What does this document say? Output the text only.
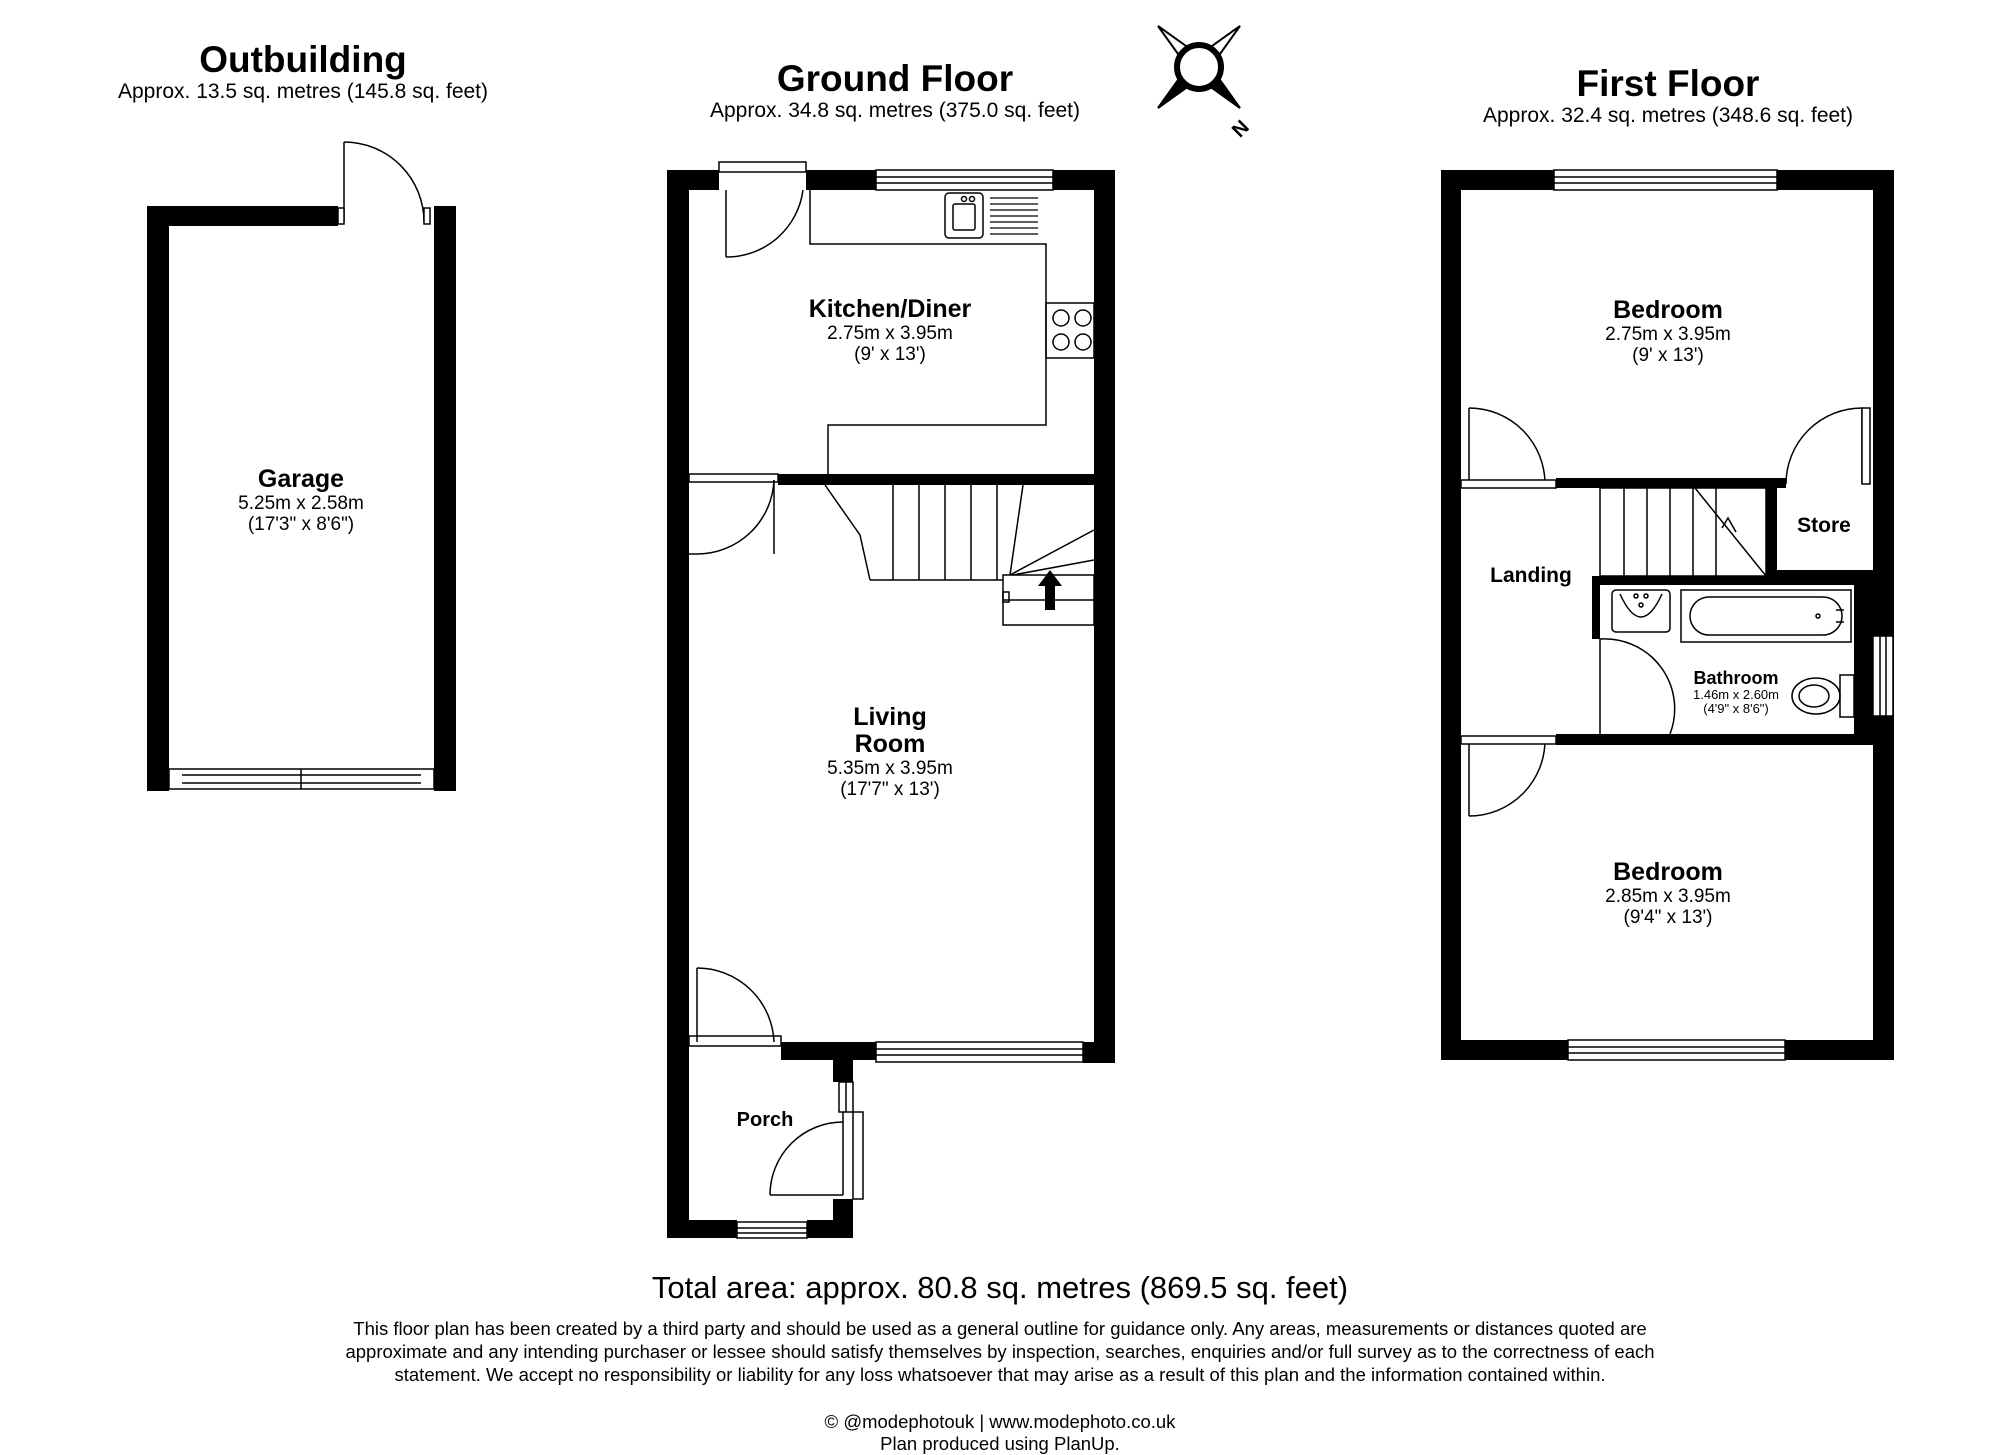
Outbuilding
Approx. 13.5 sq. metres (145.8 sq. feet)	Ground Floor
Approx. 34.8 sq. metres (375.0 sq. feet)
First Floor
Approx. 32.4 sq. metres (348.6 sq. feet)
N
Garage
5.25m x 2.58m
(17'3" x 8'6")
Kitchen/Diner
2.75m x 3.95m
(9' x 13')
Living
Room
5.35m x 3.95m
(17'7" x 13')
Porch
Bedroom
2.75m x 3.95m
(9' x 13')
Store
Landing
Bathroom
1.46m x 2.60m
(4'9" x 8'6")
Bedroom
2.85m x 3.95m
(9'4" x 13')
Total area: approx. 80.8 sq. metres (869.5 sq. feet)
This floor plan has been created by a third party and should be used as a general outline for guidance only. Any areas, measurements or distances quoted are approximate and any intending purchaser or lessee should satisfy themselves by inspection, searches, enquiries and/or full survey as to the correctness of each statement. We accept no responsibility or liability for any loss whatsoever that may arise as a result of this plan and the information contained within.
© @modephotouk | www.modephoto.co.uk
Plan produced using PlanUp.
